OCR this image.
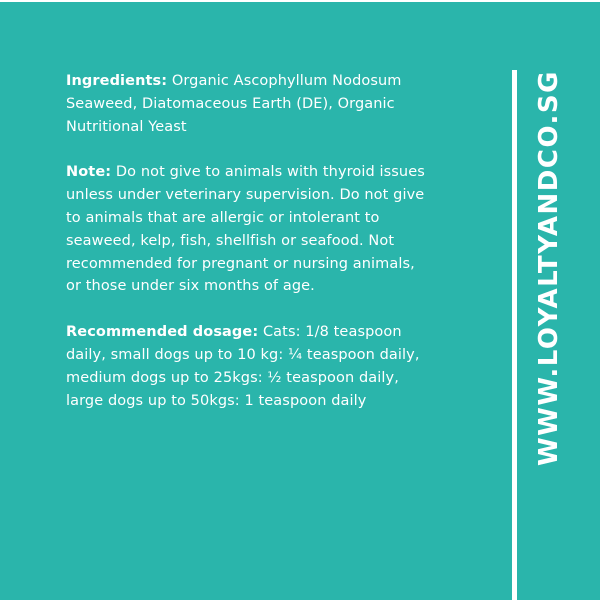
Ingredients: Organic Ascophyllum Nodosum Seaweed, Diatomaceous Earth (DE), Organic Nutritional Yeast

Note: Do not give to animals with thyroid issues unless under veterinary supervision. Do not give to animals that are allergic or intolerant to seaweed, kelp, fish, shellfish or seafood. Not recommended for pregnant or nursing animals, or those under six months of age.

Recommended dosage: Cats: 1/8 teaspoon daily, small dogs up to 10 kg: ¼ teaspoon daily, medium dogs up to 25kgs: ½ teaspoon daily, large dogs up to 50kgs: 1 teaspoon daily	WWW.LOYALTYANDCO.SG
